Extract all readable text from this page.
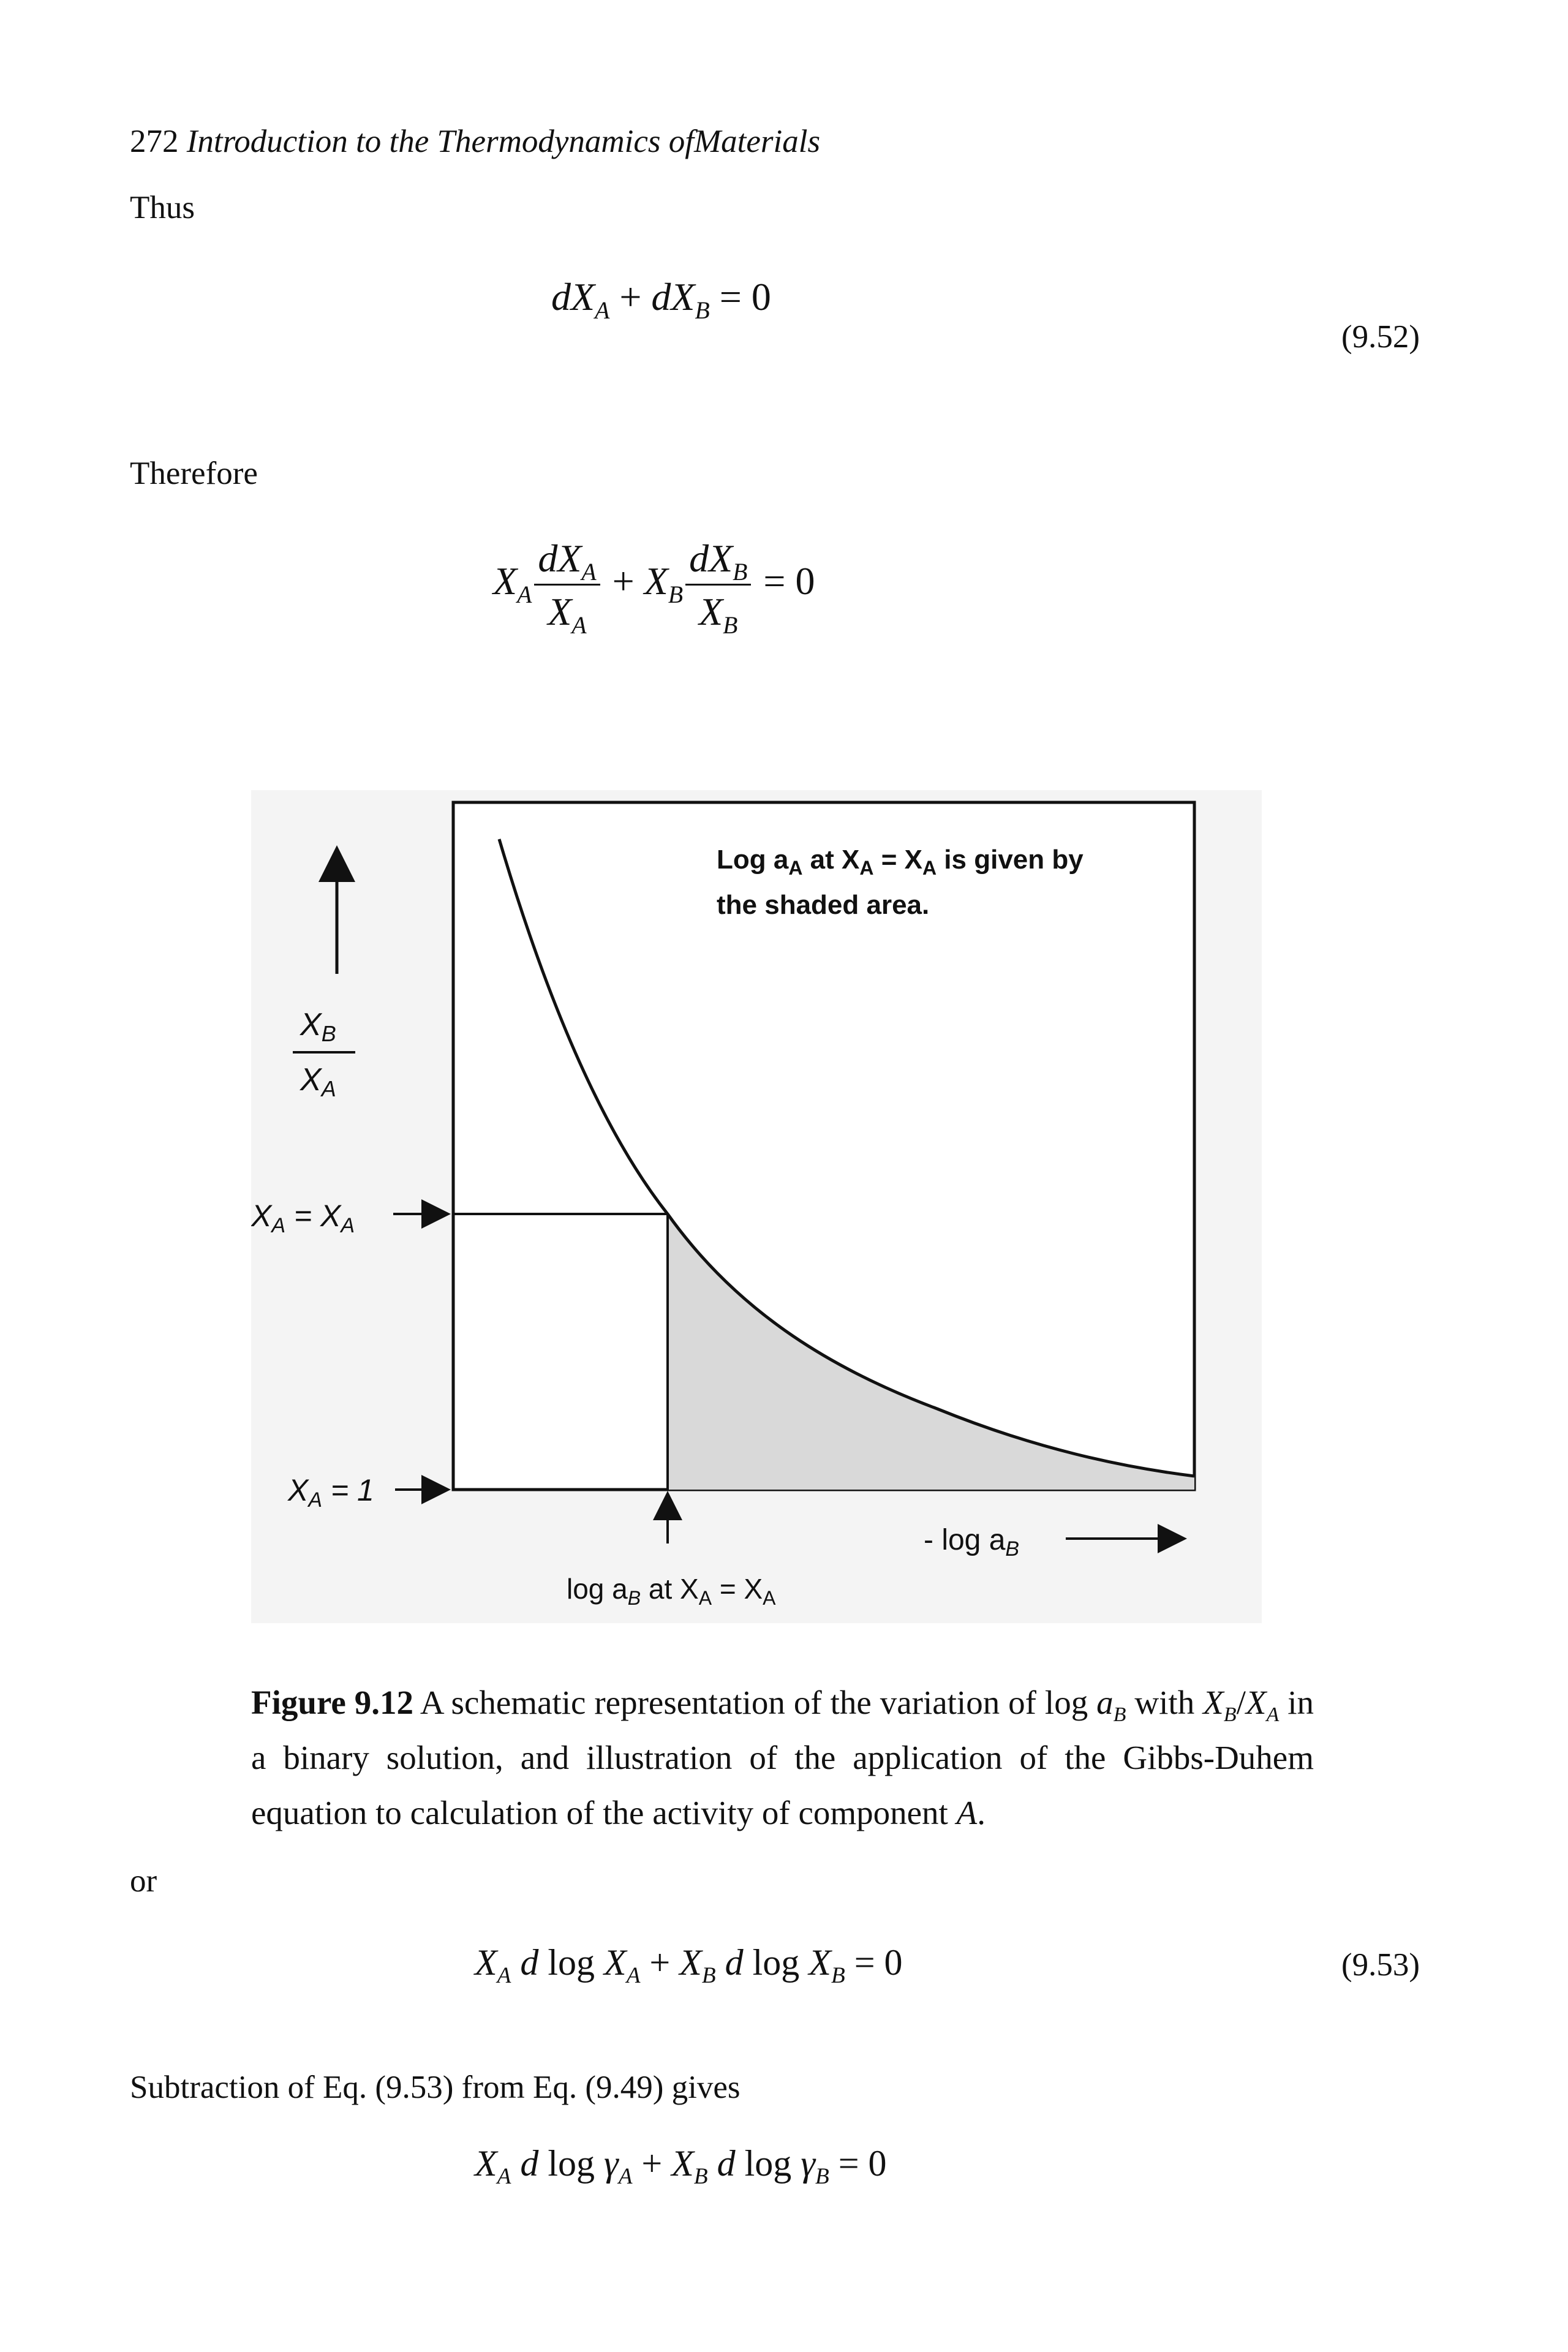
272 Introduction to the Thermodynamics ofMaterials
Thus
$dX_A + dX_B = 0$
(9.52)
Therefore
$X_A \frac{dX_A}{X_A} + X_B \frac{dX_B}{X_B} = 0$
Log $a_A$ at $X_A = X_A$ is given by
the shaded area.
XB
XA
$X_A = X_A$
$X_A = 1$
$\log a_B$ at $X_A = X_A$
- $\log a_B$
Figure 9.12 A schematic representation of the variation of $\log a_B$ with $X_B/X_A$ in a binary solution, and illustration of the application of the Gibbs-Duhem equation to calculation of the activity of component A.
or
$X_A$ d $\log X_A + X_B$ d $\log X_B = 0$	(9.53)
Subtraction of Eq. (9.53) from Eq. (9.49) gives
$X_A$ d $\log \gamma_A + X_B$ d $\log \gamma_B = 0$
